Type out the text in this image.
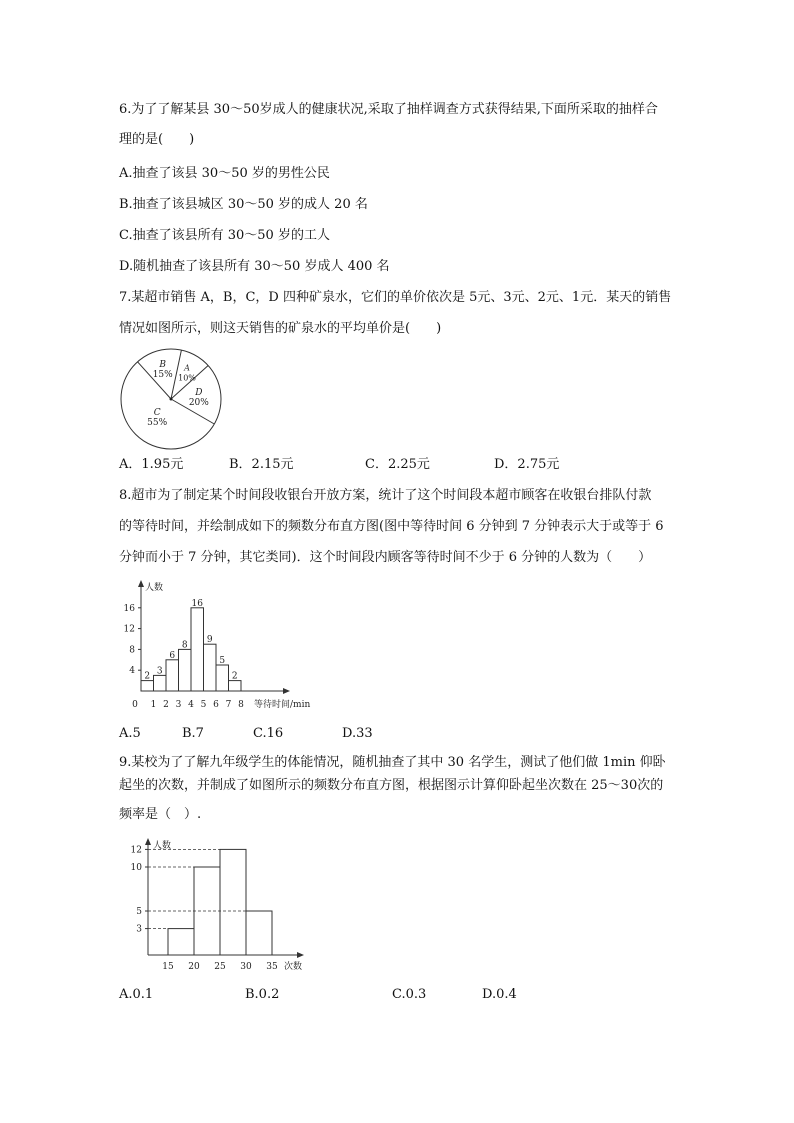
6.为了了解某县 30～50岁成人的健康状况,采取了抽样调查方式获得结果,下面所采取的抽样合
理的是(　　)
A.抽查了该县 30～50 岁的男性公民
B.抽查了该县城区 30～50 岁的成人 20 名
C.抽查了该县所有 30～50 岁的工人
D.随机抽查了该县所有 30～50 岁成人 400 名
7.某超市销售 A，B，C，D 四种矿泉水，它们的单价依次是 5元、3元、2元、1元．某天的销售
情况如图所示，则这天销售的矿泉水的平均单价是(　　)
A
10%
D
20%
C
55%
B
15%
A．1.95元	B．2.15元	C．2.25元	D．2.75元
8.超市为了制定某个时间段收银台开放方案，统计了这个时间段本超市顾客在收银台排队付款
的等待时间，并绘制成如下的频数分布直方图(图中等待时间 6 分钟到 7 分钟表示大于或等于 6
分钟而小于 7 分钟，其它类同)．这个时间段内顾客等待时间不少于 6 分钟的人数为（　　）
人数
等待时间/min
4
8
12
16
0 1 2 3 4 5 6 7 8
2
3
6
8
16
9
5
2
A.5	B.7	C.16	D.33
9.某校为了了解九年级学生的体能情况，随机抽查了其中 30 名学生，测试了他们做 1min 仰卧
起坐的次数，并制成了如图所示的频数分布直方图，根据图示计算仰卧起坐次数在 25～30次的
频率是（　）.
人数
次数
3
5
10
12
15 20 25 30 35
A.0.1	B.0.2	C.0.3	D.0.4
